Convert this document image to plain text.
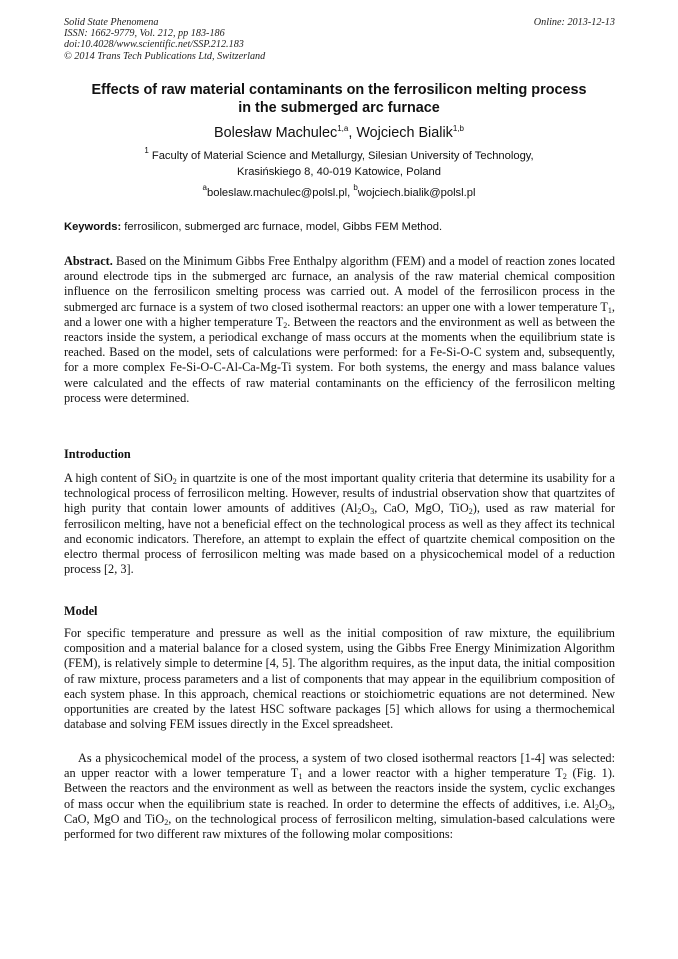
Solid State Phenomena
ISSN: 1662-9779, Vol. 212, pp 183-186
doi:10.4028/www.scientific.net/SSP.212.183
© 2014 Trans Tech Publications Ltd, Switzerland
Online: 2013-12-13
Effects of raw material contaminants on the ferrosilicon melting process
in the submerged arc furnace
Bolesław Machulec$^{1,a}$, Wojciech Bialik$^{1,b}$
$^1$ Faculty of Material Science and Metallurgy, Silesian University of Technology,
Krasińskiego 8, 40-019 Katowice, Poland
$^a$boleslaw.machulec@polsl.pl, $^b$wojciech.bialik@polsl.pl
Keywords: ferrosilicon, submerged arc furnace, model, Gibbs FEM Method.
Abstract. Based on the Minimum Gibbs Free Enthalpy algorithm (FEM) and a model of reaction zones located around electrode tips in the submerged arc furnace, an analysis of the raw material chemical composition influence on the ferrosilicon smelting process was carried out. A model of the ferrosilicon process in the submerged arc furnace is a system of two closed isothermal reactors: an upper one with a lower temperature $T_1$, and a lower one with a higher temperature $T_2$. Between the reactors and the environment as well as between the reactors inside the system, a periodical exchange of mass occurs at the moments when the equilibrium state is reached. Based on the model, sets of calculations were performed: for a Fe-Si-O-C system and, subsequently, for a more complex Fe-Si-O-C-Al-Ca-Mg-Ti system. For both systems, the energy and mass balance values were calculated and the effects of raw material contaminants on the efficiency of the ferrosilicon melting process were determined.
Introduction
A high content of SiO$_2$ in quartzite is one of the most important quality criteria that determine its usability for a technological process of ferrosilicon melting. However, results of industrial observation show that quartzites of high purity that contain lower amounts of additives ($Al_2O_3$, CaO, MgO, TiO$_2$), used as raw material for ferrosilicon melting, have not a beneficial effect on the technological process as well as they affect its technical and economic indicators. Therefore, an attempt to explain the effect of quartzite chemical composition on the electro thermal process of ferrosilicon melting was made based on a physicochemical model of a reduction process [2, 3].
Model
For specific temperature and pressure as well as the initial composition of raw mixture, the equilibrium composition and a material balance for a closed system, using the Gibbs Free Energy Minimization Algorithm (FEM), is relatively simple to determine [4, 5]. The algorithm requires, as the input data, the initial composition of raw mixture, process parameters and a list of components that may appear in the equilibrium composition of each system phase. In this approach, chemical reactions or stoichiometric equations are not determined. New opportunities are created by the latest HSC software packages [5] which allows for using a thermochemical database and solving FEM issues directly in the Excel spreadsheet.
As a physicochemical model of the process, a system of two closed isothermal reactors [1-4] was selected: an upper reactor with a lower temperature $T_1$ and a lower reactor with a higher temperature $T_2$ (Fig. 1). Between the reactors and the environment as well as between the reactors inside the system, cyclic exchanges of mass occur when the equilibrium state is reached. In order to determine the effects of additives, i.e. $Al_2O_3$, CaO, MgO and TiO$_2$, on the technological process of ferrosilicon melting, simulation-based calculations were performed for two different raw mixtures of the following molar compositions:
